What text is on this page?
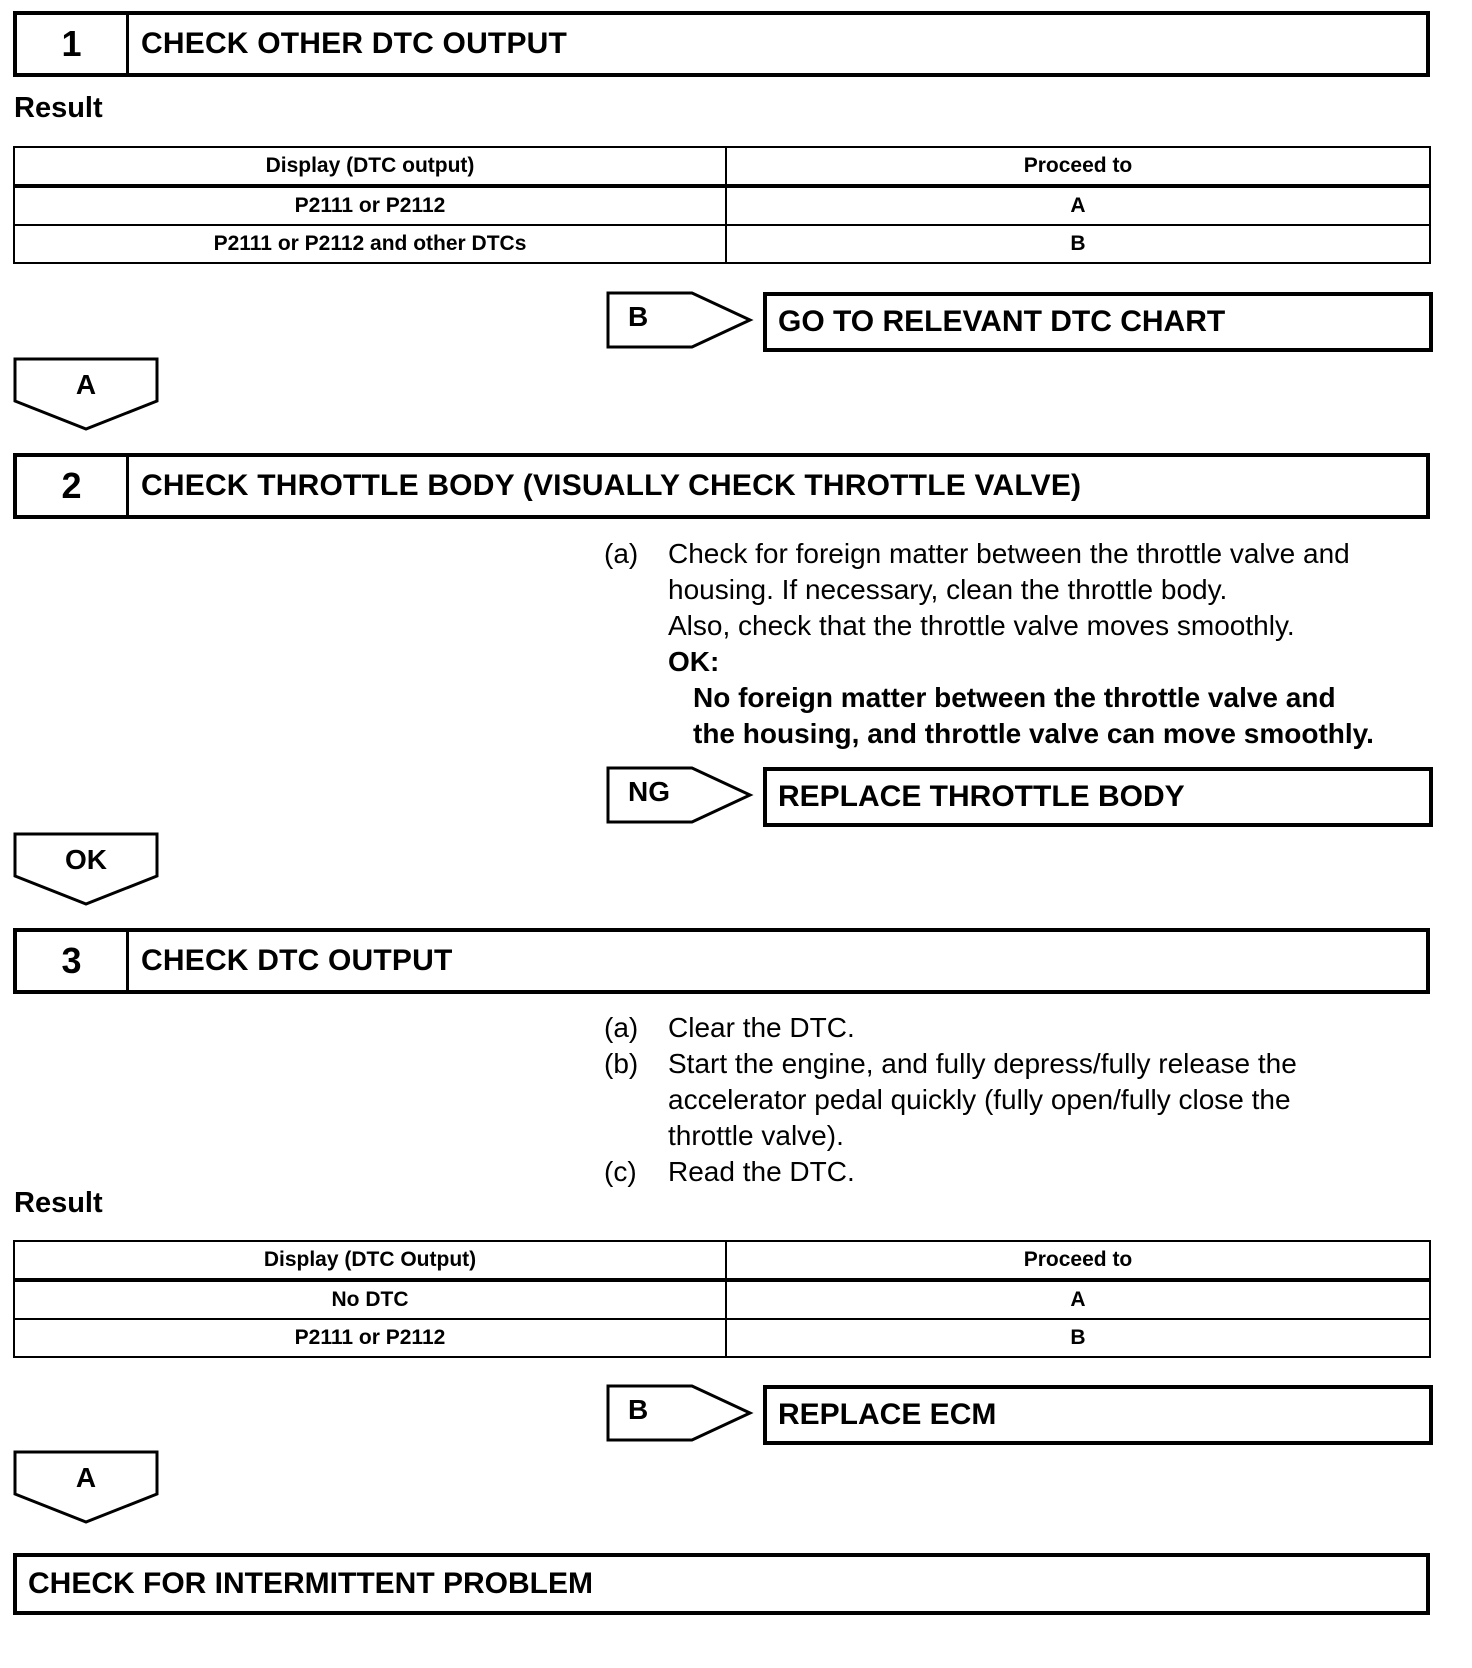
1	CHECK OTHER DTC OUTPUT
Result
Display (DTC output)	Proceed to
P2111 or P2112	A
P2111 or P2112 and other DTCs	B
B	GO TO RELEVANT DTC CHART
A
2	CHECK THROTTLE BODY (VISUALLY CHECK THROTTLE VALVE)
(a)	Check for foreign matter between the throttle valve and
housing. If necessary, clean the throttle body.
Also, check that the throttle valve moves smoothly.
OK:
No foreign matter between the throttle valve and
the housing, and throttle valve can move smoothly.
NG	REPLACE THROTTLE BODY
OK
3	CHECK DTC OUTPUT
(a)	Clear the DTC.
(b)	Start the engine, and fully depress/fully release the
accelerator pedal quickly (fully open/fully close the
throttle valve).
(c)	Read the DTC.
Result
Display (DTC Output)	Proceed to
No DTC	A
P2111 or P2112	B
B	REPLACE ECM
A
CHECK FOR INTERMITTENT PROBLEM
